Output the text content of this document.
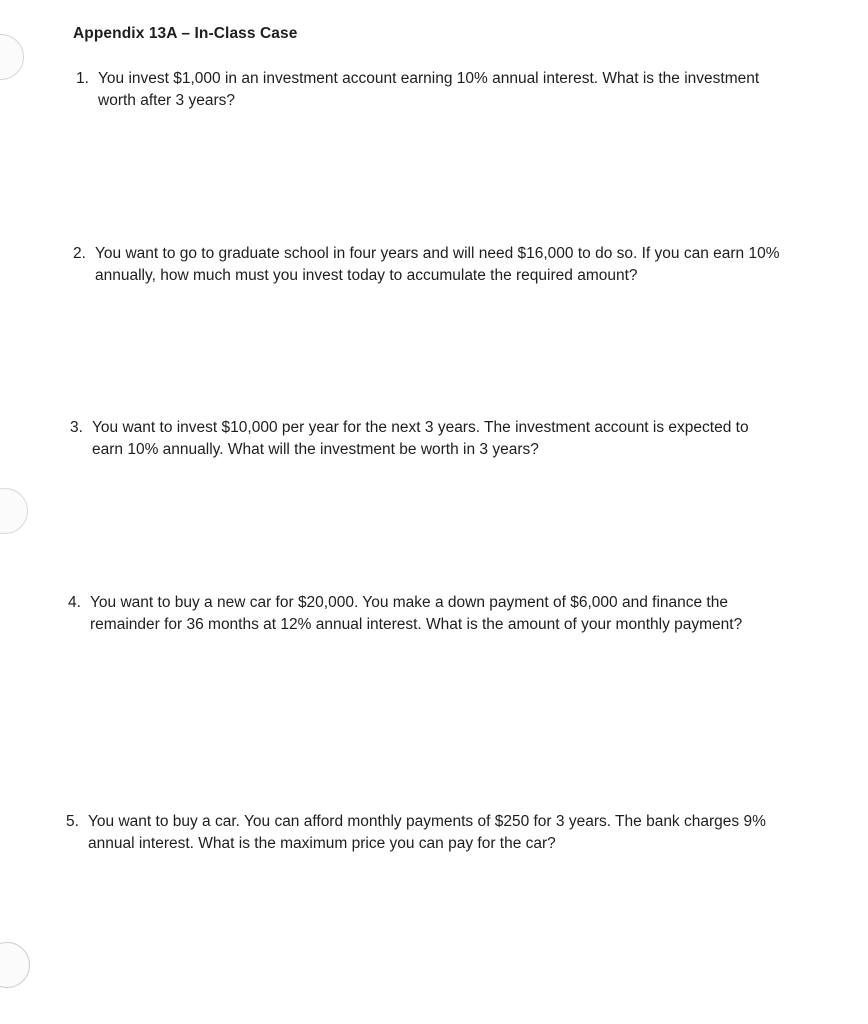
Appendix 13A – In-Class Case
1. You invest $1,000 in an investment account earning 10% annual interest. What is the investment worth after 3 years?
2. You want to go to graduate school in four years and will need $16,000 to do so. If you can earn 10% annually, how much must you invest today to accumulate the required amount?
3. You want to invest $10,000 per year for the next 3 years. The investment account is expected to earn 10% annually. What will the investment be worth in 3 years?
4. You want to buy a new car for $20,000. You make a down payment of $6,000 and finance the remainder for 36 months at 12% annual interest. What is the amount of your monthly payment?
5. You want to buy a car. You can afford monthly payments of $250 for 3 years. The bank charges 9% annual interest. What is the maximum price you can pay for the car?
